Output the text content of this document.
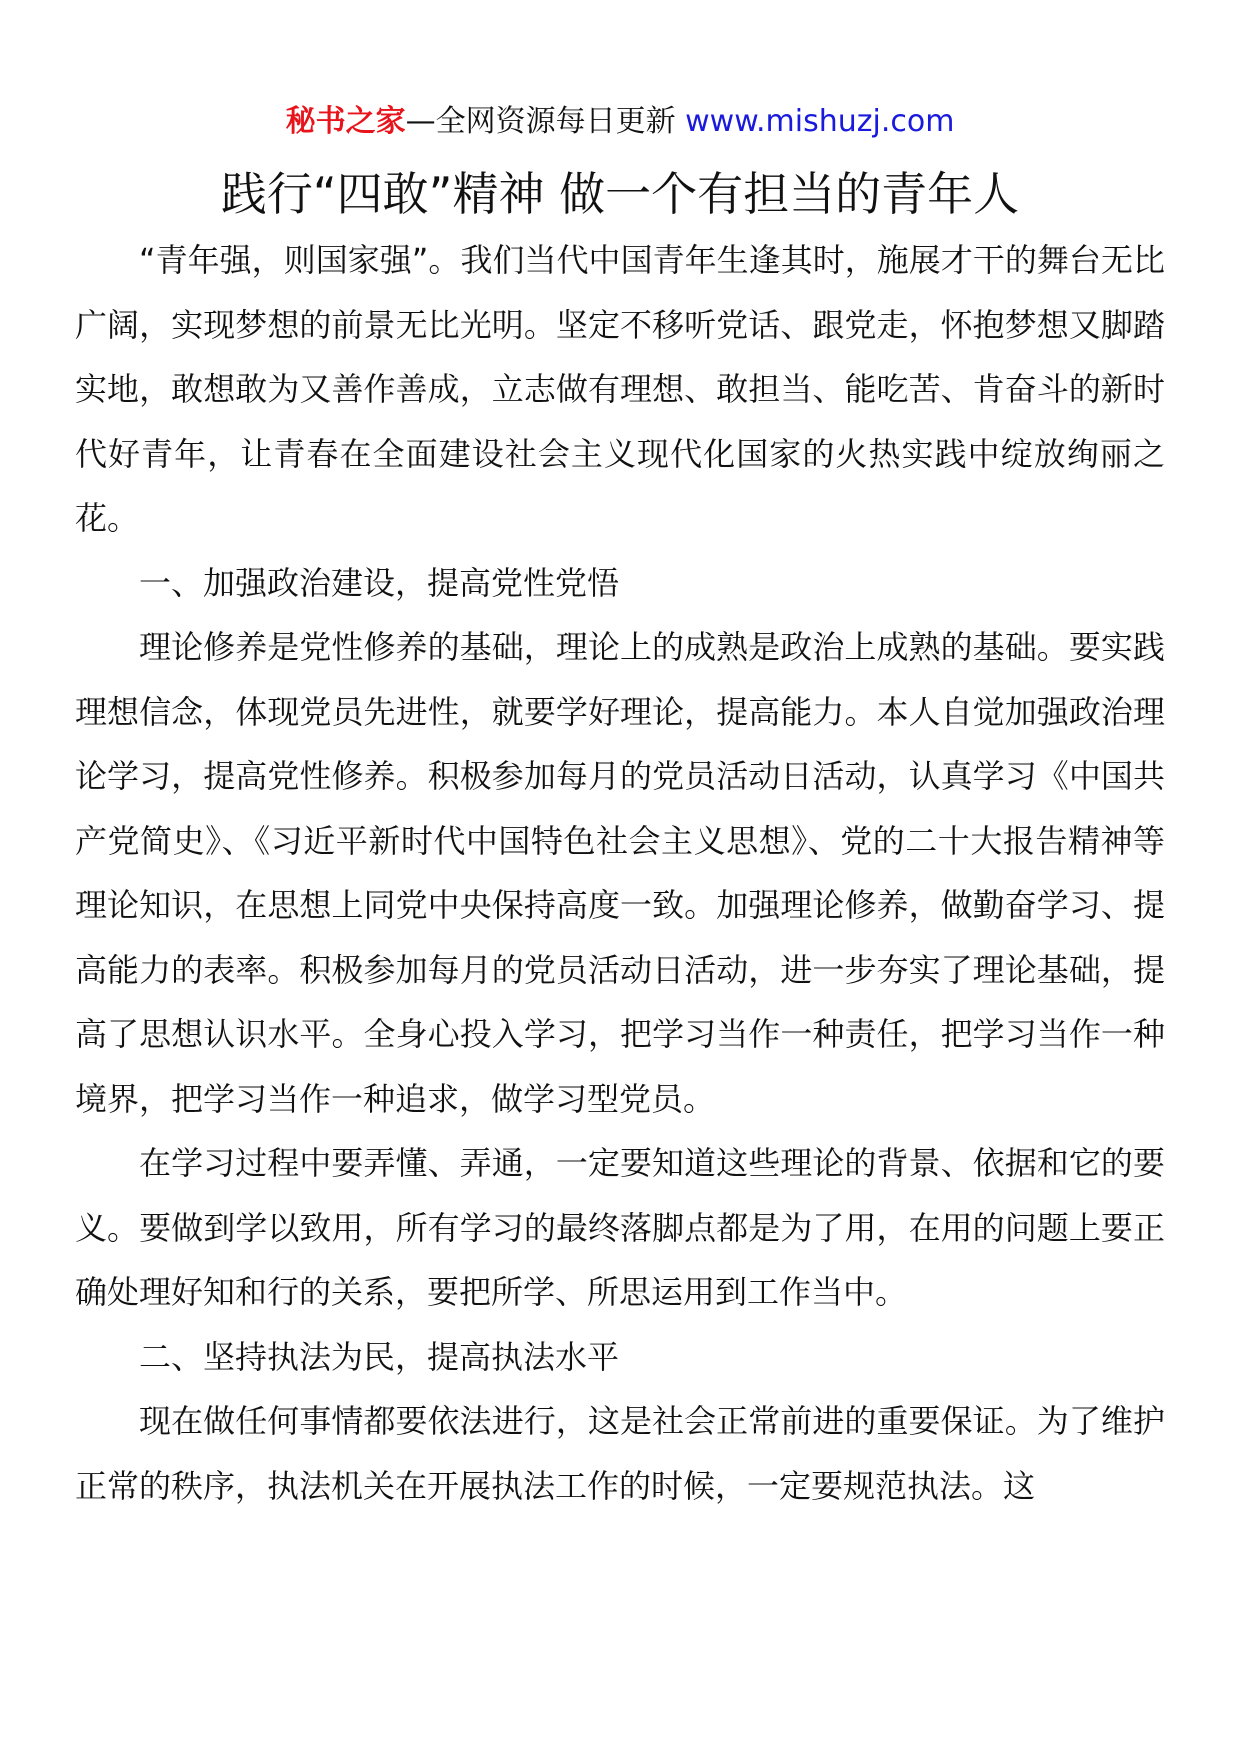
秘书之家—全网资源每日更新 www.mishuzj.com
践行“四敢”精神 做一个有担当的青年人

“青年强，则国家强”。我们当代中国青年生逢其时，施展才干的舞台无比广阔，实现梦想的前景无比光明。坚定不移听党话、跟党走，怀抱梦想又脚踏实地，敢想敢为又善作善成，立志做有理想、敢担当、能吃苦、肯奋斗的新时代好青年，让青春在全面建设社会主义现代化国家的火热实践中绽放绚丽之花。

一、加强政治建设，提高党性党悟

理论修养是党性修养的基础，理论上的成熟是政治上成熟的基础。要实践理想信念，体现党员先进性，就要学好理论，提高能力。本人自觉加强政治理论学习，提高党性修养。积极参加每月的党员活动日活动，认真学习《中国共产党简史》、《习近平新时代中国特色社会主义思想》、党的二十大报告精神等理论知识，在思想上同党中央保持高度一致。加强理论修养，做勤奋学习、提高能力的表率。积极参加每月的党员活动日活动，进一步夯实了理论基础，提高了思想认识水平。全身心投入学习，把学习当作一种责任，把学习当作一种境界，把学习当作一种追求，做学习型党员。

在学习过程中要弄懂、弄通，一定要知道这些理论的背景、依据和它的要义。要做到学以致用，所有学习的最终落脚点都是为了用，在用的问题上要正确处理好知和行的关系，要把所学、所思运用到工作当中。

二、坚持执法为民，提高执法水平

现在做任何事情都要依法进行，这是社会正常前进的重要保证。为了维护正常的秩序，执法机关在开展执法工作的时候，一定要规范执法。这
